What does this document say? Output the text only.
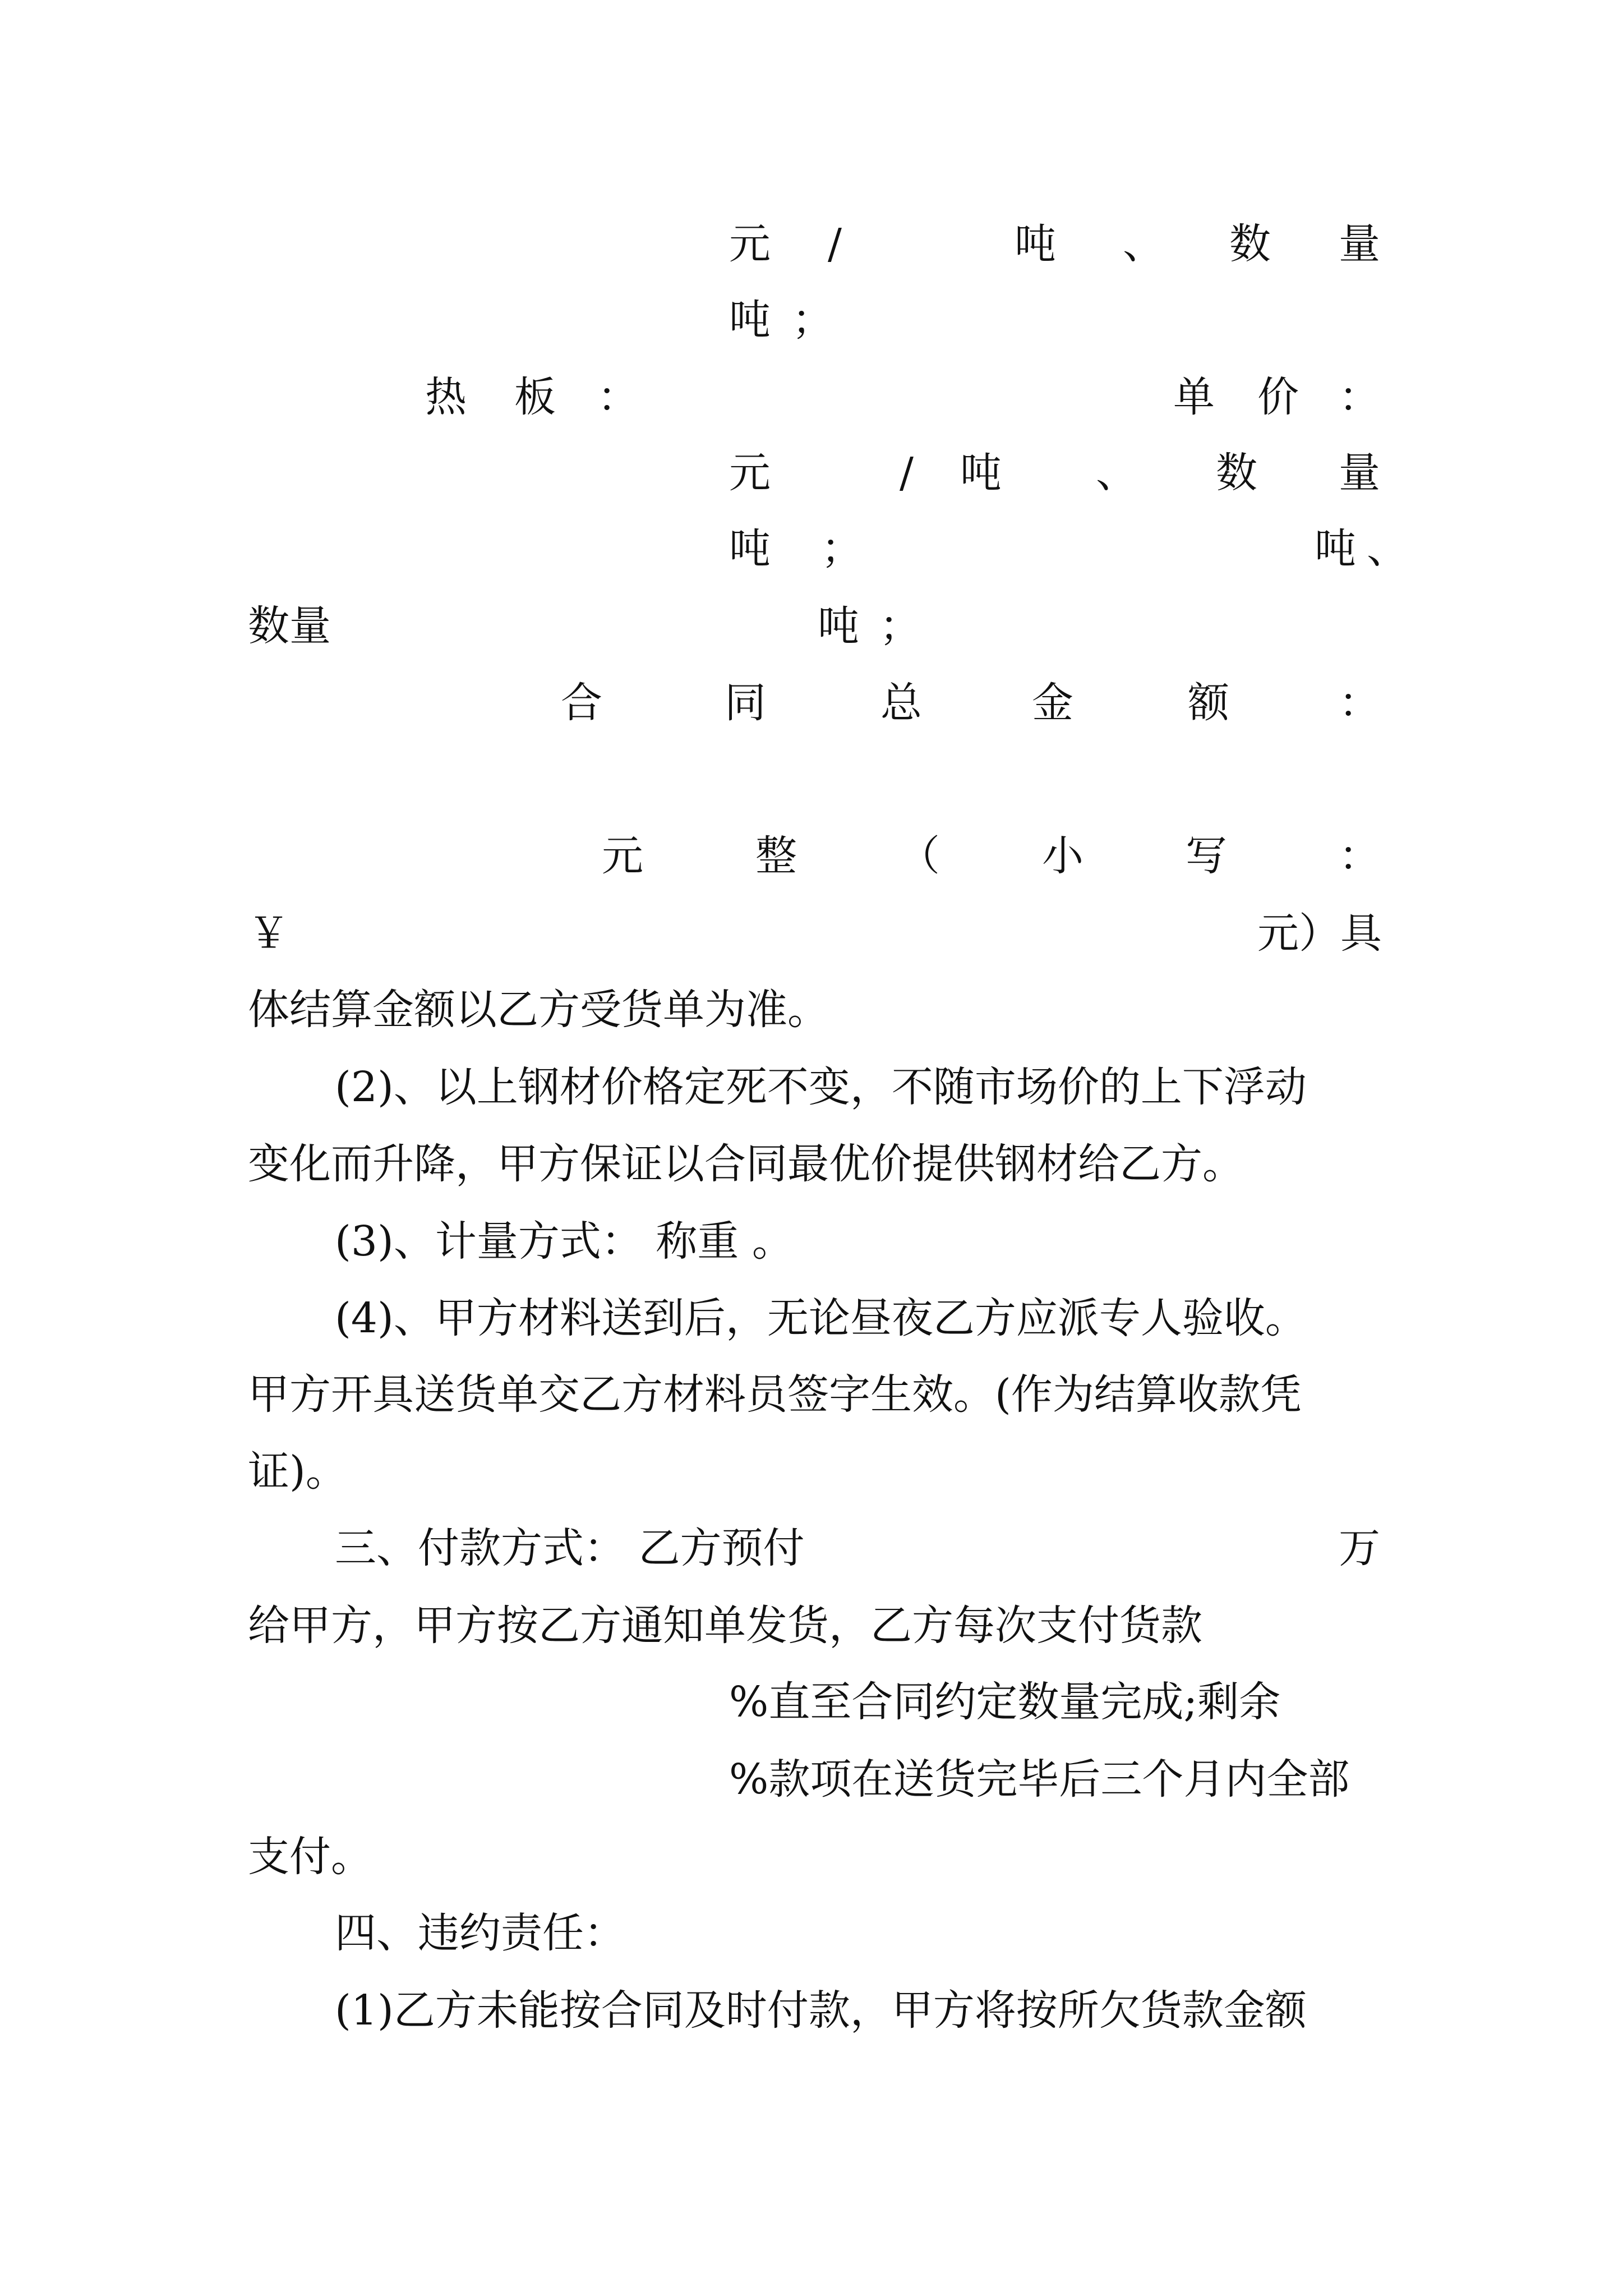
元 /	吨 、 数 量
吨 ；
热 板 ：	单 价 ：
元	/ 吨 、 数 量
吨 ；	吨 、
数量	吨 ；
合	同	总	金	额	：
元	整 （ 小 写	：
￥	元）具
体结算金额以乙方受货单为准。
(2)、以上钢材价格定死不变，不随市场价的上下浮动
变化而升降，甲方保证以合同最优价提供钢材给乙方。
(3)、计量方式： 称重 。
(4)、甲方材料送到后，无论昼夜乙方应派专人验收。
甲方开具送货单交乙方材料员签字生效。(作为结算收款凭
证)。
三、付款方式： 乙方预付	万
给甲方，甲方按乙方通知单发货，乙方每次支付货款
%直至合同约定数量完成;剩余
%款项在送货完毕后三个月内全部
支付。
四、违约责任：
(1)乙方未能按合同及时付款，甲方将按所欠货款金额
